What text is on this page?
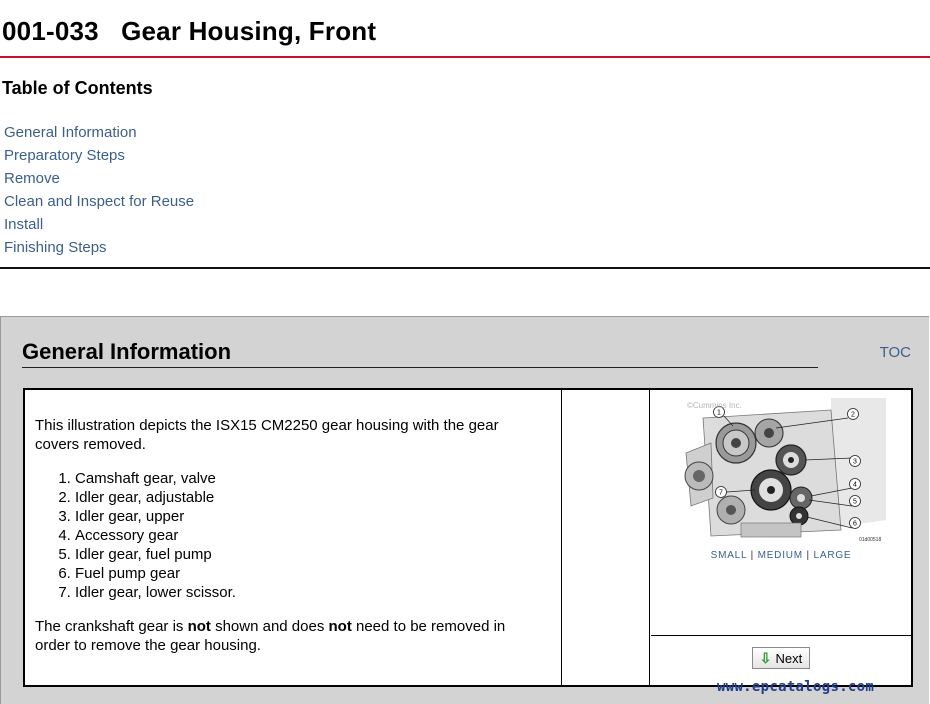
001-033   Gear Housing, Front
Table of Contents
General Information
Preparatory Steps
Remove
Clean and Inspect for Reuse
Install
Finishing Steps
General Information	TOC

This illustration depicts the ISX15 CM2250 gear housing with the gear covers removed.

1. Camshaft gear, valve
2. Idler gear, adjustable
3. Idler gear, upper
4. Accessory gear
5. Idler gear, fuel pump
6. Fuel pump gear
7. Idler gear, lower scissor.

The crankshaft gear is not shown and does not need to be removed in order to remove the gear housing.

1	2
3
4
5
6
7
©Cummins Inc.
01d00518
SMALL | MEDIUM | LARGE
⇩ Next
www.epcatalogs.com
